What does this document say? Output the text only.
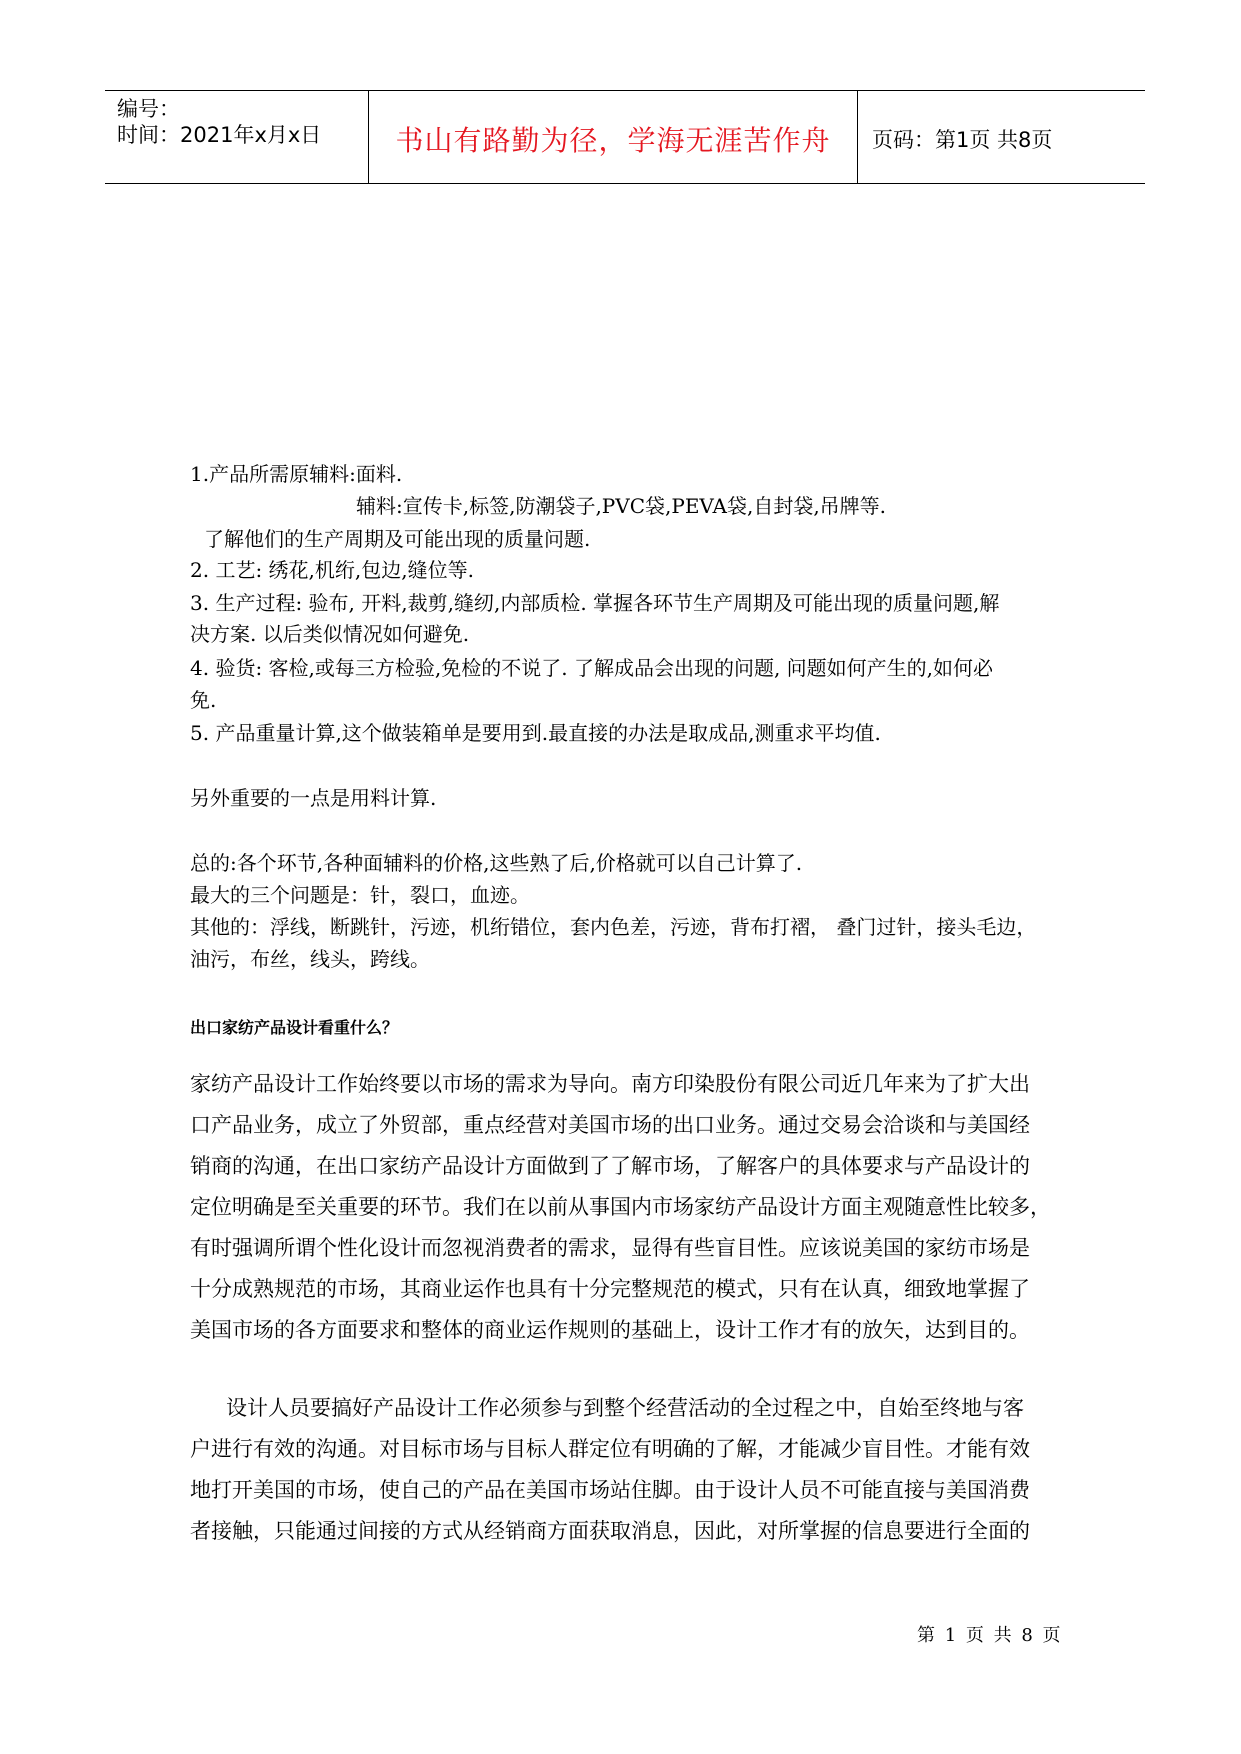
编号：
时间：2021年x月x日	书山有路勤为径，学海无涯苦作舟	页码：第1页 共8页
1.产品所需原辅料:面料.
辅料:宣传卡,标签,防潮袋子,PVC袋,PEVA袋,自封袋,吊牌等.
了解他们的生产周期及可能出现的质量问题.
2. 工艺: 绣花,机绗,包边,缝位等.
3. 生产过程: 验布, 开料,裁剪,缝纫,内部质检. 掌握各环节生产周期及可能出现的质量问题,解
决方案. 以后类似情况如何避免.
4. 验货: 客检,或每三方检验,免检的不说了. 了解成品会出现的问题, 问题如何产生的,如何必
免.
5. 产品重量计算,这个做装箱单是要用到.最直接的办法是取成品,测重求平均值.
另外重要的一点是用料计算.
总的:各个环节,各种面辅料的价格,这些熟了后,价格就可以自己计算了.
最大的三个问题是：针，裂口，血迹。
其他的：浮线，断跳针，污迹，机绗错位，套内色差，污迹，背布打褶， 叠门过针，接头毛边，
油污，布丝，线头，跨线。
出口家纺产品设计看重什么？
家纺产品设计工作始终要以市场的需求为导向。南方印染股份有限公司近几年来为了扩大出
口产品业务，成立了外贸部，重点经营对美国市场的出口业务。通过交易会洽谈和与美国经
销商的沟通，在出口家纺产品设计方面做到了了解市场，了解客户的具体要求与产品设计的
定位明确是至关重要的环节。我们在以前从事国内市场家纺产品设计方面主观随意性比较多，
有时强调所谓个性化设计而忽视消费者的需求，显得有些盲目性。应该说美国的家纺市场是
十分成熟规范的市场，其商业运作也具有十分完整规范的模式，只有在认真，细致地掌握了
美国市场的各方面要求和整体的商业运作规则的基础上，设计工作才有的放矢，达到目的。
设计人员要搞好产品设计工作必须参与到整个经营活动的全过程之中，自始至终地与客
户进行有效的沟通。对目标市场与目标人群定位有明确的了解，才能减少盲目性。才能有效
地打开美国的市场，使自己的产品在美国市场站住脚。由于设计人员不可能直接与美国消费
者接触，只能通过间接的方式从经销商方面获取消息，因此，对所掌握的信息要进行全面的
第 1 页 共 8 页
